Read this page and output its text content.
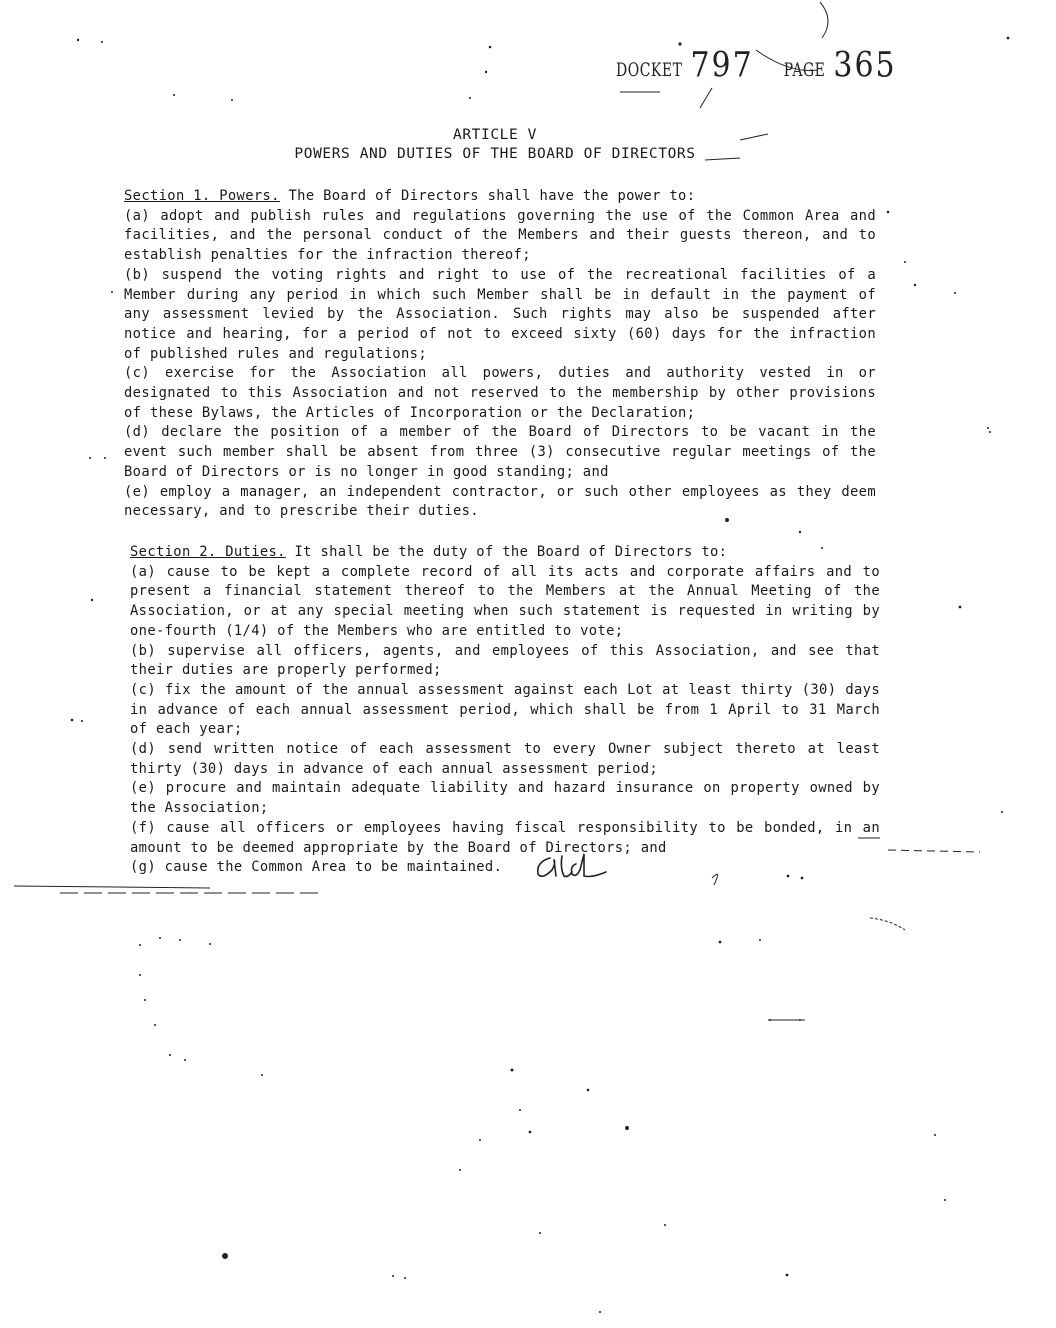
DOCKET 797 PAGE 365
ARTICLE V
POWERS AND DUTIES OF THE BOARD OF DIRECTORS

Section 1. Powers. The Board of Directors shall have the power to:

(a) adopt and publish rules and regulations governing the use of the Common Area and facilities, and the personal conduct of the Members and their guests thereon, and to establish penalties for the infraction thereof;

(b) suspend the voting rights and right to use of the recreational facilities of a Member during any period in which such Member shall be in default in the payment of any assessment levied by the Association. Such rights may also be suspended after notice and hearing, for a period of not to exceed sixty (60) days for the infraction of published rules and regulations;

(c) exercise for the Association all powers, duties and authority vested in or designated to this Association and not reserved to the membership by other provisions of these Bylaws, the Articles of Incorporation or the Declaration;

(d) declare the position of a member of the Board of Directors to be vacant in the event such member shall be absent from three (3) consecutive regular meetings of the Board of Directors or is no longer in good standing; and

(e) employ a manager, an independent contractor, or such other employees as they deem necessary, and to prescribe their duties.

Section 2. Duties. It shall be the duty of the Board of Directors to:

(a) cause to be kept a complete record of all its acts and corporate affairs and to present a financial statement thereof to the Members at the Annual Meeting of the Association, or at any special meeting when such statement is requested in writing by one-fourth (1/4) of the Members who are entitled to vote;

(b) supervise all officers, agents, and employees of this Association, and see that their duties are properly performed;

(c) fix the amount of the annual assessment against each Lot at least thirty (30) days in advance of each annual assessment period, which shall be from 1 April to 31 March of each year;

(d) send written notice of each assessment to every Owner subject thereto at least thirty (30) days in advance of each annual assessment period;

(e) procure and maintain adequate liability and hazard insurance on property owned by the Association;

(f) cause all officers or employees having fiscal responsibility to be bonded, in an amount to be deemed appropriate by the Board of Directors; and

(g) cause the Common Area to be maintained.
